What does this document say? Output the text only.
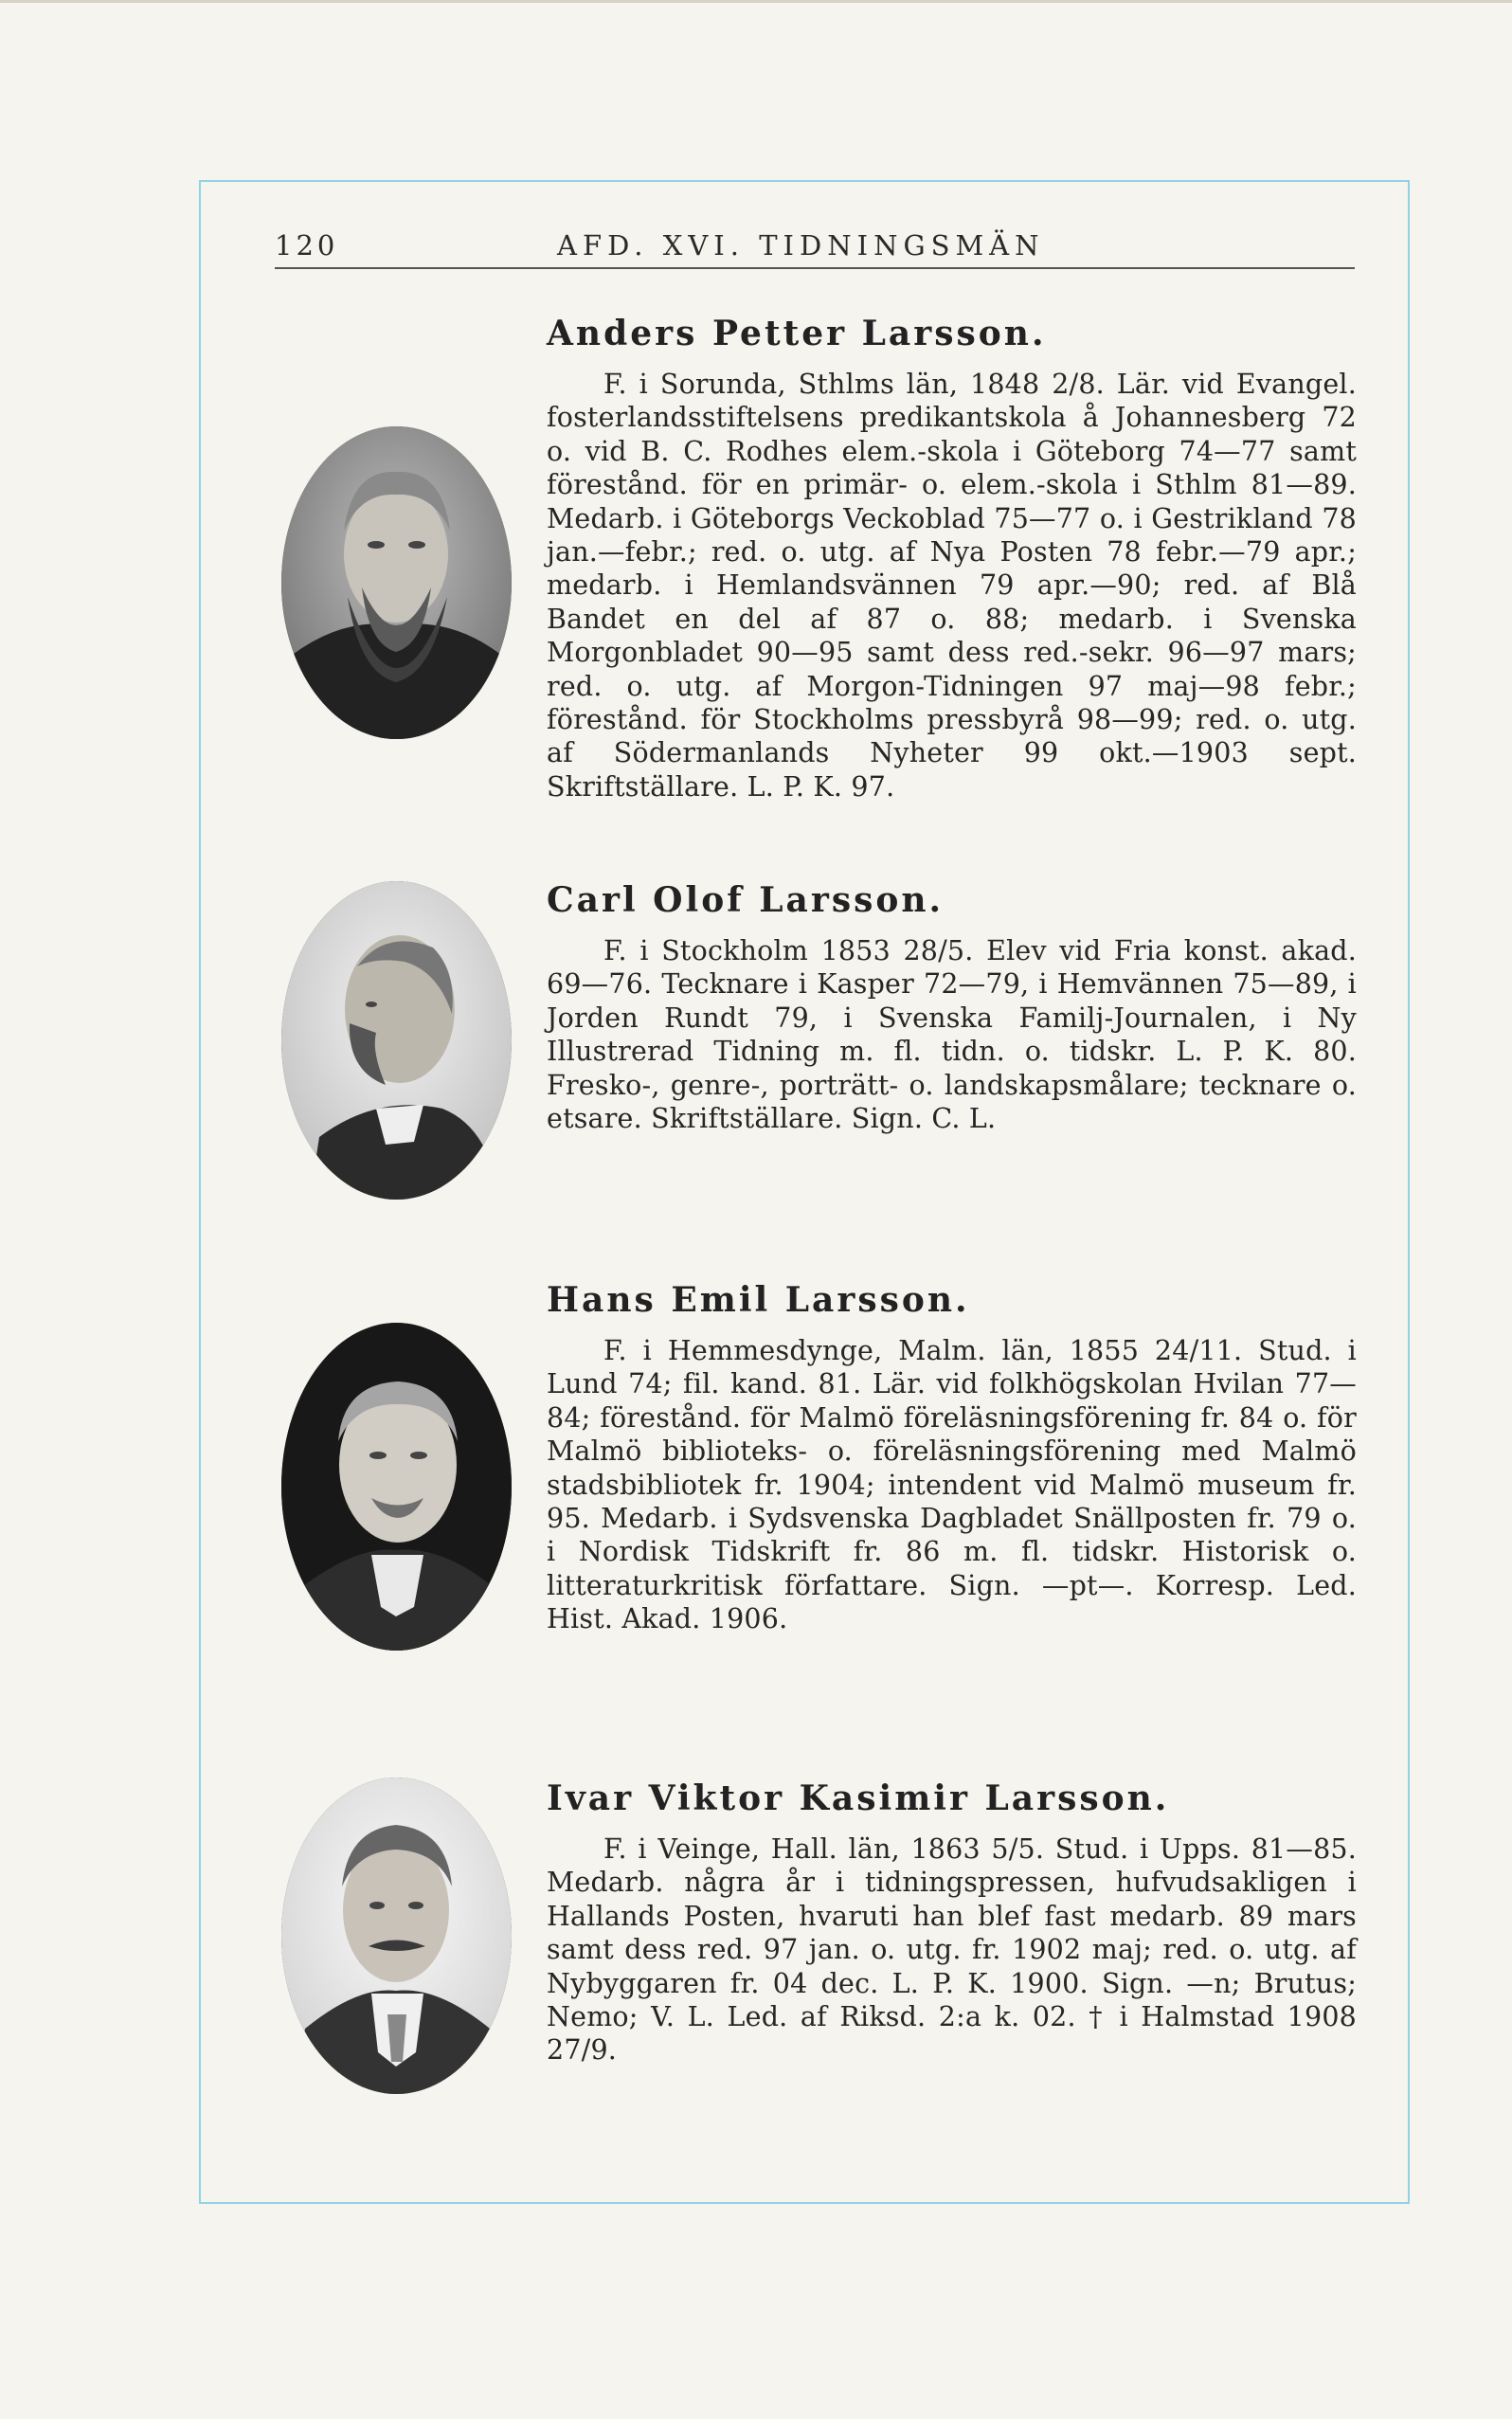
120	AFD. XVI. TIDNINGSMÄN
Anders Petter Larsson.

F. i Sorunda, Sthlms län, 1848 2/8. Lär. vid Evangel. fosterlandsstiftelsens predikantskola å Johannesberg 72 o. vid B. C. Rodhes elem.-skola i Göteborg 74—77 samt förestånd. för en primär- o. elem.-skola i Sthlm 81—89. Medarb. i Göteborgs Veckoblad 75—77 o. i Gestrikland 78 jan.—febr.; red. o. utg. af Nya Posten 78 febr.—79 apr.; medarb. i Hemlandsvännen 79 apr.—90; red. af Blå Bandet en del af 87 o. 88; medarb. i Svenska Morgonbladet 90—95 samt dess red.-sekr. 96—97 mars; red. o. utg. af Morgon-Tidningen 97 maj—98 febr.; förestånd. för Stockholms pressbyrå 98—99; red. o. utg. af Södermanlands Nyheter 99 okt.—1903 sept. Skriftställare. L. P. K. 97.

Carl Olof Larsson.

F. i Stockholm 1853 28/5. Elev vid Fria konst. akad. 69—76. Tecknare i Kasper 72—79, i Hemvännen 75—89, i Jorden Rundt 79, i Svenska Familj-Journalen, i Ny Illustrerad Tidning m. fl. tidn. o. tidskr. L. P. K. 80. Fresko-, genre-, porträtt- o. landskapsmålare; tecknare o. etsare. Skriftställare. Sign. C. L.

Hans Emil Larsson.

F. i Hemmesdynge, Malm. län, 1855 24/11. Stud. i Lund 74; fil. kand. 81. Lär. vid folkhögskolan Hvilan 77—84; förestånd. för Malmö föreläsningsförening fr. 84 o. för Malmö biblioteks- o. föreläsningsförening med Malmö stadsbibliotek fr. 1904; intendent vid Malmö museum fr. 95. Medarb. i Sydsvenska Dagbladet Snällposten fr. 79 o. i Nordisk Tidskrift fr. 86 m. fl. tidskr. Historisk o. litteraturkritisk författare. Sign. —pt—. Korresp. Led. Hist. Akad. 1906.

Ivar Viktor Kasimir Larsson.

F. i Veinge, Hall. län, 1863 5/5. Stud. i Upps. 81—85. Medarb. några år i tidningspressen, hufvudsakligen i Hallands Posten, hvaruti han blef fast medarb. 89 mars samt dess red. 97 jan. o. utg. fr. 1902 maj; red. o. utg. af Nybyggaren fr. 04 dec. L. P. K. 1900. Sign. —n; Brutus; Nemo; V. L. Led. af Riksd. 2:a k. 02. † i Halmstad 1908 27/9.
